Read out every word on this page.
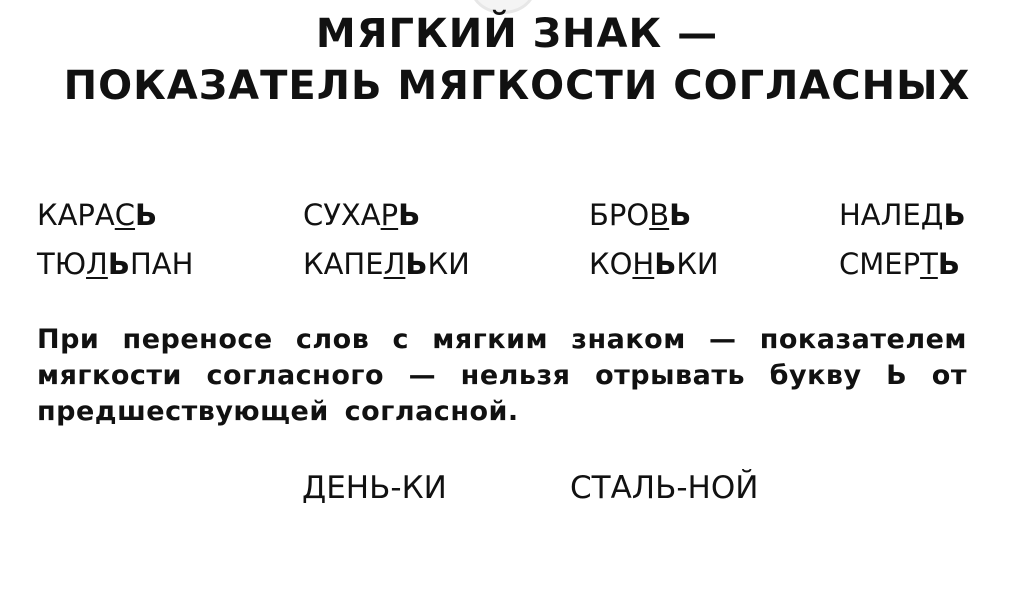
МЯГКИЙ ЗНАК —
ПОКАЗАТЕЛЬ МЯГКОСТИ СОГЛАСНЫХ
КАРАСЬ	СУХАРЬ	БРОВЬ	НАЛЕДЬ
ТЮЛЬПАН	КАПЕЛЬКИ	КОНЬКИ	СМЕРТЬ
При переносе слов с мягким знаком — показателем мягкости согласного — нельзя отрывать букву Ь от предшествующей согласной.
ДЕНЬ-КИ	СТАЛЬ-НОЙ
